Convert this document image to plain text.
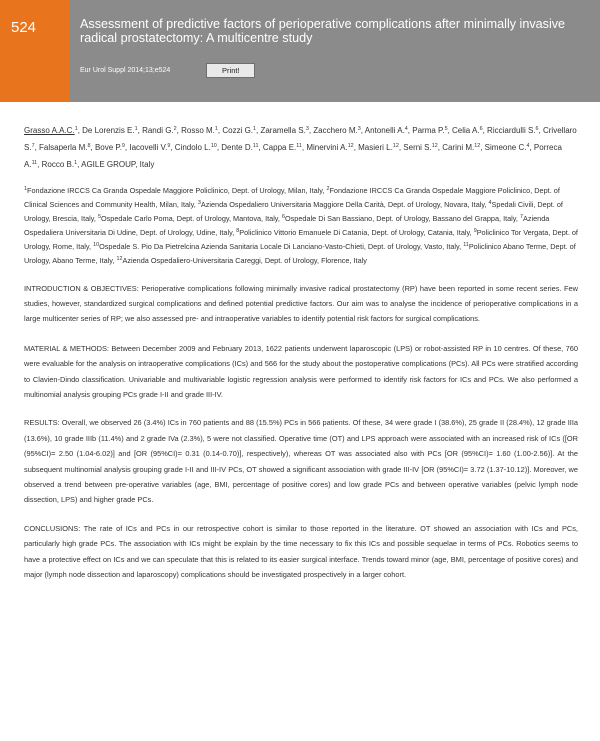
524	Assessment of predictive factors of perioperative complications after minimally invasive radical prostatectomy: A multicentre study
Eur Urol Suppl 2014;13;e524	Print!

Grasso A.A.C.$^1$, De Lorenzis E.$^1$, Randi G.$^2$, Rosso M.$^1$, Cozzi G.$^1$, Zaramella S.$^3$, Zacchero M.$^3$, Antonelli A.$^4$, Parma P.$^5$, Celia A.$^6$, Ricciardulli S.$^6$, Crivellaro S.$^7$, Falsaperla M.$^8$, Bove P.$^9$, Iacovelli V.$^9$, Cindolo L.$^{10}$, Dente D.$^{11}$, Cappa E.$^{11}$, Minervini A.$^{12}$, Masieri L.$^{12}$, Serni S.$^{12}$, Carini M.$^{12}$, Simeone C.$^4$, Porreca A.$^{11}$, Rocco B.$^1$, AGILE GROUP, Italy

$^1$Fondazione IRCCS Ca Granda Ospedale Maggiore Policlinico, Dept. of Urology, Milan, Italy, $^2$Fondazione IRCCS Ca Granda Ospedale Maggiore Policlinico, Dept. of Clinical Sciences and Community Health, Milan, Italy, $^3$Azienda Ospedaliero Universitaria Maggiore Della Carità, Dept. of Urology, Novara, Italy, $^4$Spedali Civili, Dept. of Urology, Brescia, Italy, $^5$Ospedale Carlo Poma, Dept. of Urology, Mantova, Italy, $^6$Ospedale Di San Bassiano, Dept. of Urology, Bassano del Grappa, Italy, $^7$Azienda Ospedaliera Universitaria Di Udine, Dept. of Urology, Udine, Italy, $^8$Policlinico Vittorio Emanuele Di Catania, Dept. of Urology, Catania, Italy, $^9$Policlinico Tor Vergata, Dept. of Urology, Rome, Italy, $^{10}$Ospedale S. Pio Da Pietrelcina Azienda Sanitaria Locale Di Lanciano-Vasto-Chieti, Dept. of Urology, Vasto, Italy, $^{11}$Policlinico Abano Terme, Dept. of Urology, Abano Terme, Italy, $^{12}$Azienda Ospedaliero-Universitaria Careggi, Dept. of Urology, Florence, Italy

INTRODUCTION & OBJECTIVES: Perioperative complications following minimally invasive radical prostatectomy (RP) have been reported in some recent series. Few studies, however, standardized surgical complications and defined potential predictive factors. Our aim was to analyse the incidence of perioperative complications in a large multicenter series of RP; we also assessed pre- and intraoperative variables to identify potential risk factors for surgical complications.

MATERIAL & METHODS: Between December 2009 and February 2013, 1622 patients underwent laparoscopic (LPS) or robot-assisted RP in 10 centres. Of these, 760 were evaluable for the analysis on intraoperative complications (ICs) and 566 for the study about the postoperative complications (PCs). All PCs were stratified according to Clavien-Dindo classification. Univariable and multivariable logistic regression analysis were performed to identify risk factors for ICs and PCs. We also performed a multinomial analysis grouping PCs grade I-II and grade III-IV.

RESULTS: Overall, we observed 26 (3.4%) ICs in 760 patients and 88 (15.5%) PCs in 566 patients. Of these, 34 were grade I (38.6%), 25 grade II (28.4%), 12 grade IIIa (13.6%), 10 grade IIIb (11.4%) and 2 grade IVa (2.3%), 5 were not classified. Operative time (OT) and LPS approach were associated with an increased risk of ICs ([OR (95%CI)= 2.50 (1.04-6.02)] and [OR (95%CI)= 0.31 (0.14-0.70)], respectively), whereas OT was associated also with PCs [OR (95%CI)= 1.60 (1.00-2.56)]. At the subsequent multinomial analysis grouping grade I-II and III-IV PCs, OT showed a significant association with grade III-IV [OR (95%CI)= 3.72 (1.37-10.12)]. Moreover, we observed a trend between pre-operative variables (age, BMI, percentage of positive cores) and low grade PCs and between operative variables (pelvic lymph node dissection, LPS) and higher grade PCs.

CONCLUSIONS: The rate of ICs and PCs in our retrospective cohort is similar to those reported in the literature. OT showed an association with ICs and PCs, particularly high grade PCs. The association with ICs might be explain by the time necessary to fix this ICs and possible sequelae in terms of PCs. Robotics seems to have a protective effect on ICs and we can speculate that this is related to its easier surgical interface. Trends toward minor (age, BMI, percentage of positive cores) and major (lymph node dissection and laparoscopy) complications should be investigated prospectively in a larger cohort.
